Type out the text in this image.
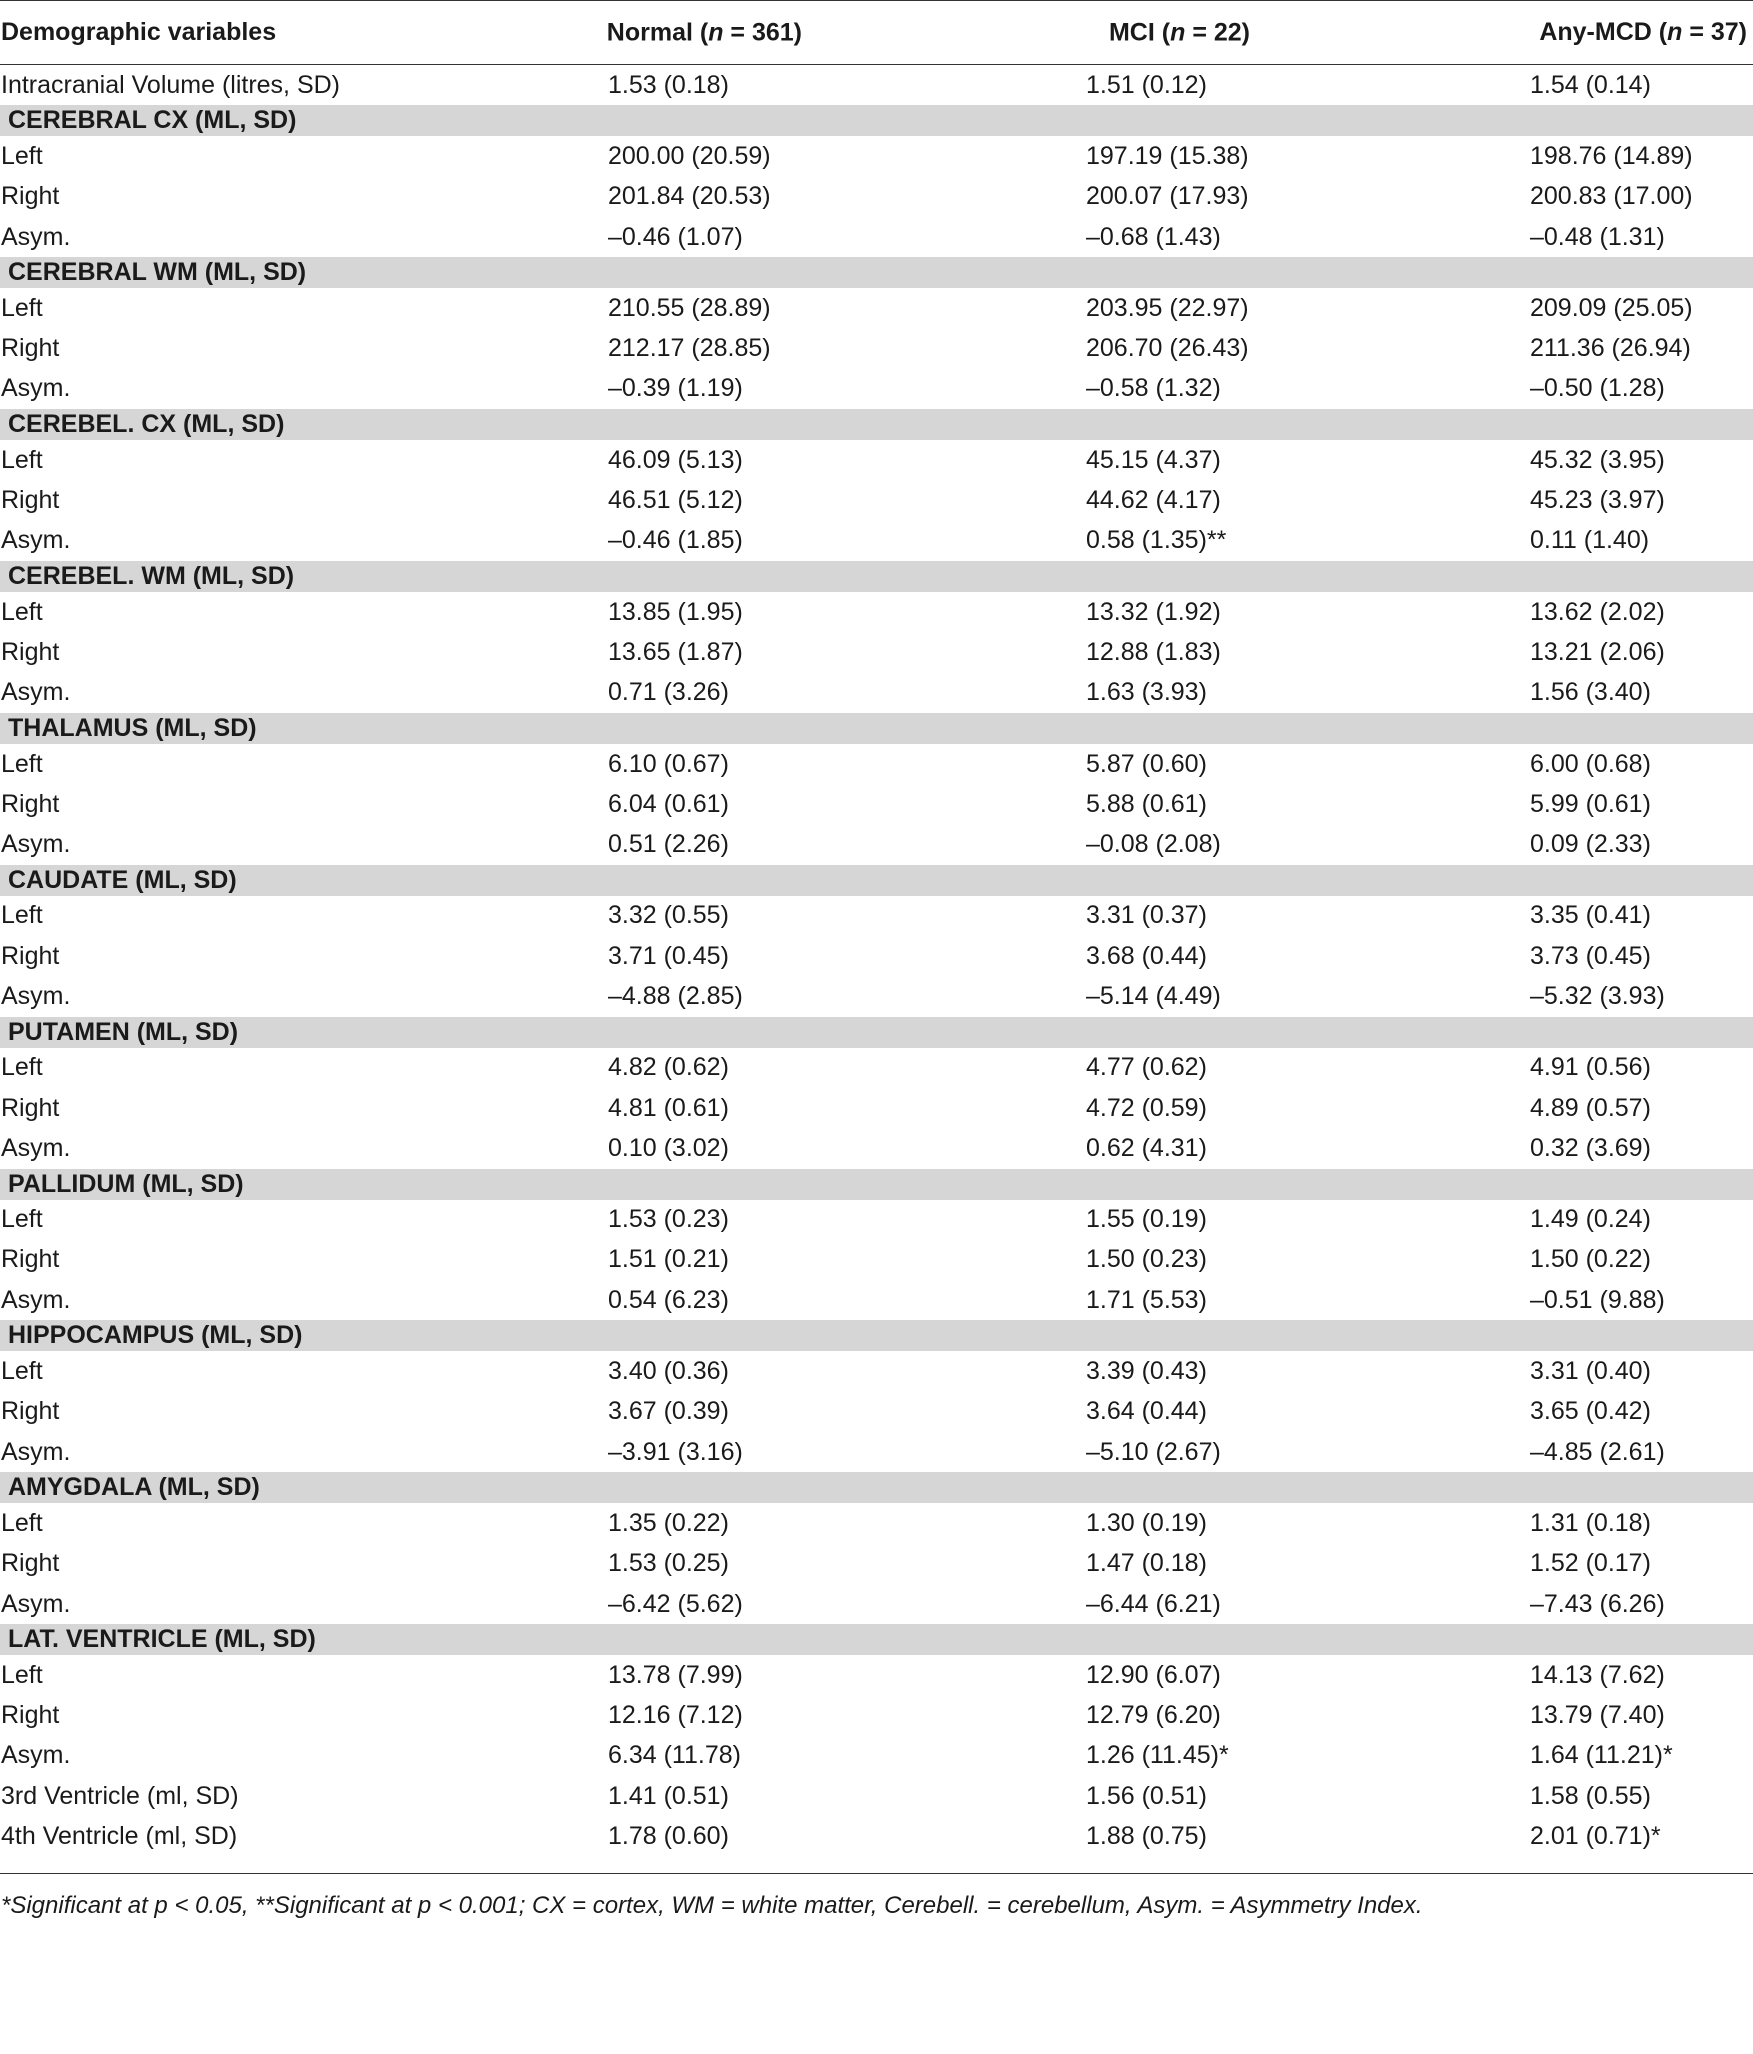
Demographic variables	Normal (n = 361)	MCI (n = 22)	Any-MCD (n = 37)
Intracranial Volume (litres, SD)	1.53 (0.18)	1.51 (0.12)	1.54 (0.14)
CEREBRAL CX (ML, SD)			
Left	200.00 (20.59)	197.19 (15.38)	198.76 (14.89)
Right	201.84 (20.53)	200.07 (17.93)	200.83 (17.00)
Asym.	–0.46 (1.07)	–0.68 (1.43)	–0.48 (1.31)
CEREBRAL WM (ML, SD)			
Left	210.55 (28.89)	203.95 (22.97)	209.09 (25.05)
Right	212.17 (28.85)	206.70 (26.43)	211.36 (26.94)
Asym.	–0.39 (1.19)	–0.58 (1.32)	–0.50 (1.28)
CEREBEL. CX (ML, SD)			
Left	46.09 (5.13)	45.15 (4.37)	45.32 (3.95)
Right	46.51 (5.12)	44.62 (4.17)	45.23 (3.97)
Asym.	–0.46 (1.85)	0.58 (1.35)**	0.11 (1.40)
CEREBEL. WM (ML, SD)			
Left	13.85 (1.95)	13.32 (1.92)	13.62 (2.02)
Right	13.65 (1.87)	12.88 (1.83)	13.21 (2.06)
Asym.	0.71 (3.26)	1.63 (3.93)	1.56 (3.40)
THALAMUS (ML, SD)			
Left	6.10 (0.67)	5.87 (0.60)	6.00 (0.68)
Right	6.04 (0.61)	5.88 (0.61)	5.99 (0.61)
Asym.	0.51 (2.26)	–0.08 (2.08)	0.09 (2.33)
CAUDATE (ML, SD)			
Left	3.32 (0.55)	3.31 (0.37)	3.35 (0.41)
Right	3.71 (0.45)	3.68 (0.44)	3.73 (0.45)
Asym.	–4.88 (2.85)	–5.14 (4.49)	–5.32 (3.93)
PUTAMEN (ML, SD)			
Left	4.82 (0.62)	4.77 (0.62)	4.91 (0.56)
Right	4.81 (0.61)	4.72 (0.59)	4.89 (0.57)
Asym.	0.10 (3.02)	0.62 (4.31)	0.32 (3.69)
PALLIDUM (ML, SD)			
Left	1.53 (0.23)	1.55 (0.19)	1.49 (0.24)
Right	1.51 (0.21)	1.50 (0.23)	1.50 (0.22)
Asym.	0.54 (6.23)	1.71 (5.53)	–0.51 (9.88)
HIPPOCAMPUS (ML, SD)			
Left	3.40 (0.36)	3.39 (0.43)	3.31 (0.40)
Right	3.67 (0.39)	3.64 (0.44)	3.65 (0.42)
Asym.	–3.91 (3.16)	–5.10 (2.67)	–4.85 (2.61)
AMYGDALA (ML, SD)			
Left	1.35 (0.22)	1.30 (0.19)	1.31 (0.18)
Right	1.53 (0.25)	1.47 (0.18)	1.52 (0.17)
Asym.	–6.42 (5.62)	–6.44 (6.21)	–7.43 (6.26)
LAT. VENTRICLE (ML, SD)			
Left	13.78 (7.99)	12.90 (6.07)	14.13 (7.62)
Right	12.16 (7.12)	12.79 (6.20)	13.79 (7.40)
Asym.	6.34 (11.78)	1.26 (11.45)*	1.64 (11.21)*
3rd Ventricle (ml, SD)	1.41 (0.51)	1.56 (0.51)	1.58 (0.55)
4th Ventricle (ml, SD)	1.78 (0.60)	1.88 (0.75)	2.01 (0.71)*
*Significant at p < 0.05, **Significant at p < 0.001; CX = cortex, WM = white matter, Cerebell. = cerebellum, Asym. = Asymmetry Index.
